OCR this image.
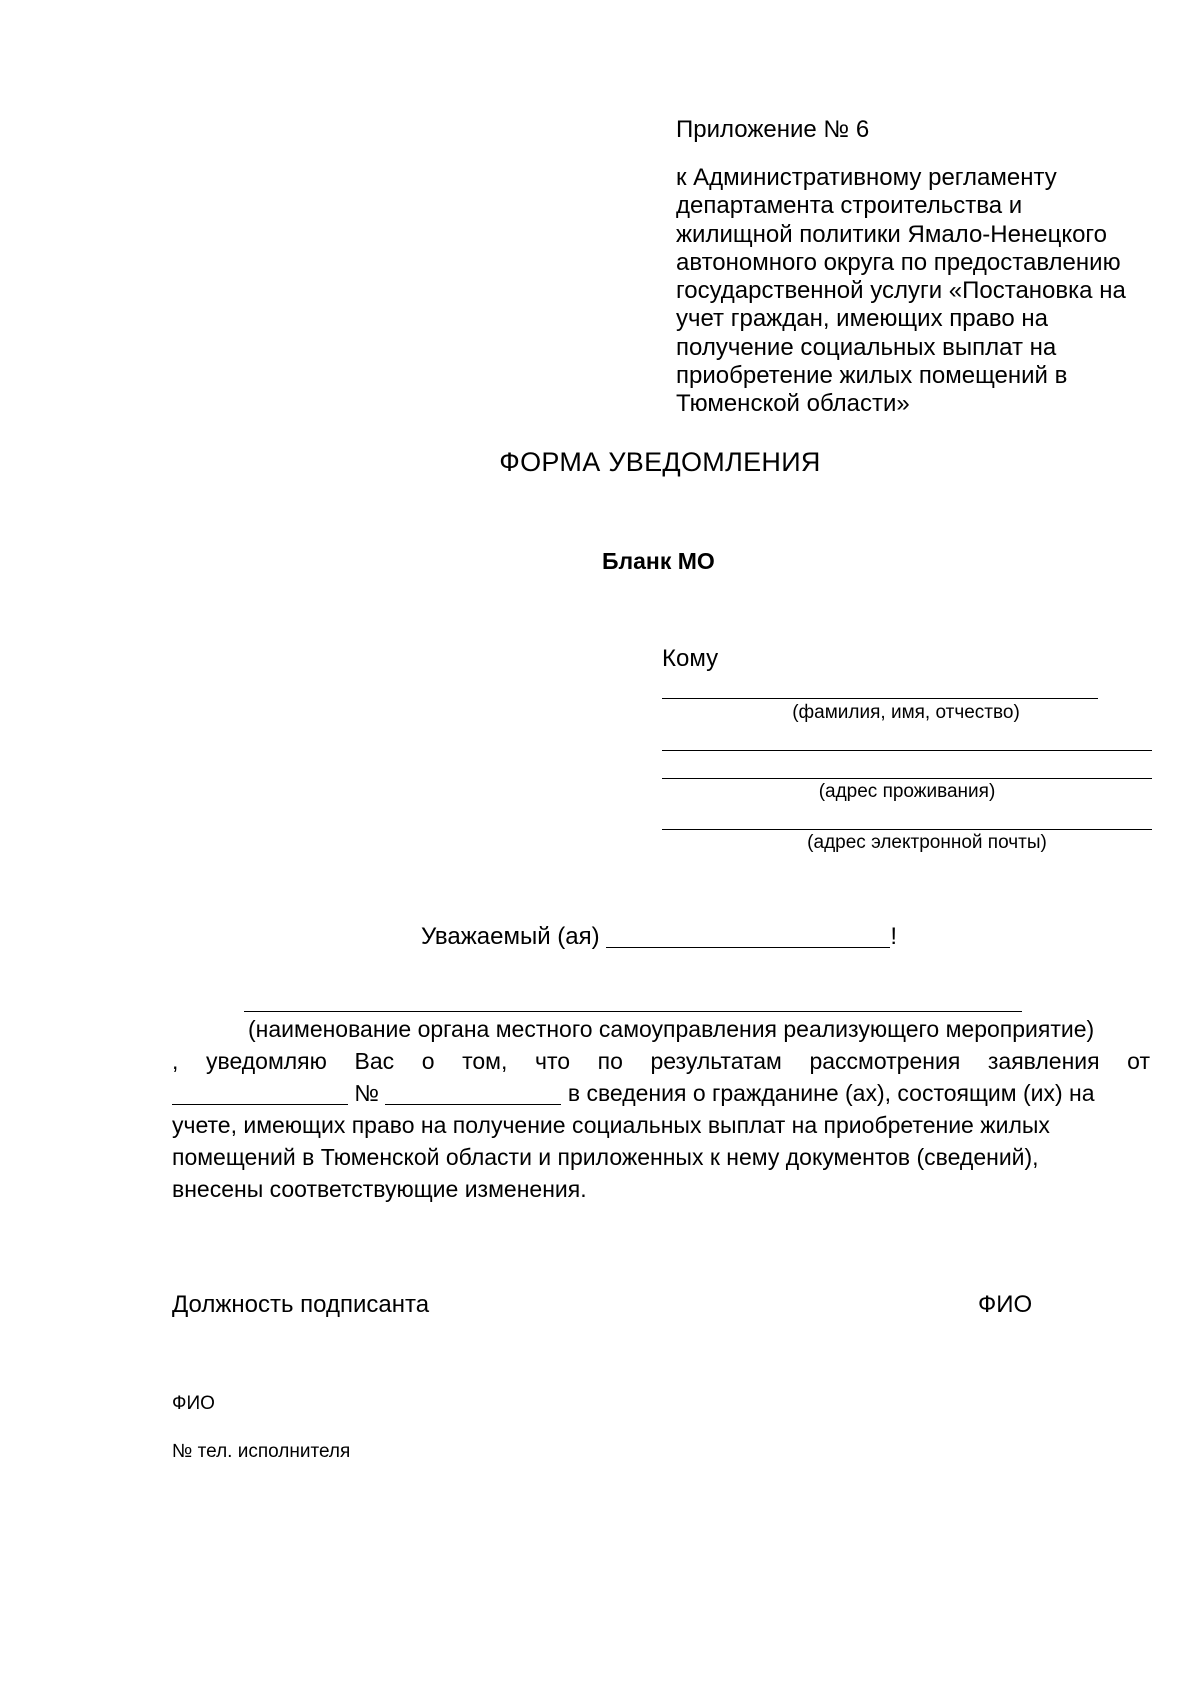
Приложение № 6
к Административному регламенту
департамента строительства и
жилищной политики Ямало-Ненецкого
автономного округа по предоставлению
государственной услуги «Постановка на
учет граждан, имеющих право на
получение социальных выплат на
приобретение жилых помещений в
Тюменской области»
ФОРМА УВЕДОМЛЕНИЯ
Бланк МО
Кому
(фамилия, имя, отчество)
(адрес проживания)
(адрес электронной почты)
Уважаемый (ая)	!
(наименование органа местного самоуправления реализующего мероприятие)
, уведомляю Вас о том, что по результатам рассмотрения заявления от
№	в сведения о гражданине (ах), состоящим (их) на
учете, имеющих право на получение социальных выплат на приобретение жилых
помещений в Тюменской области и приложенных к нему документов (сведений),
внесены соответствующие изменения.
Должность подписанта	ФИО
ФИО
№ тел. исполнителя
